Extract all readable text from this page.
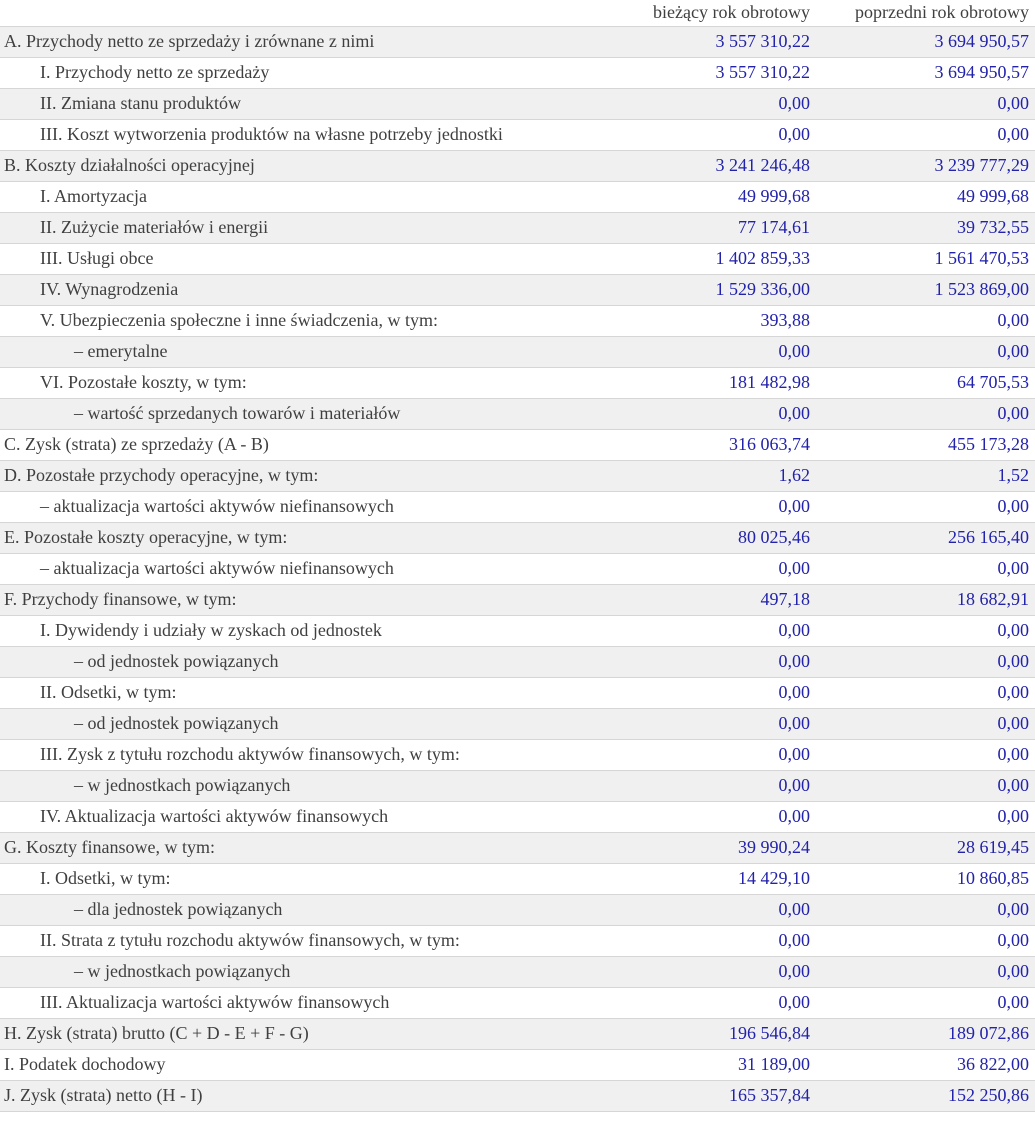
	bieżący rok obrotowy	poprzedni rok obrotowy
A. Przychody netto ze sprzedaży i zrównane z nimi	3 557 310,22	3 694 950,57
I. Przychody netto ze sprzedaży	3 557 310,22	3 694 950,57
II. Zmiana stanu produktów	0,00	0,00
III. Koszt wytworzenia produktów na własne potrzeby jednostki	0,00	0,00
B. Koszty działalności operacyjnej	3 241 246,48	3 239 777,29
I. Amortyzacja	49 999,68	49 999,68
II. Zużycie materiałów i energii	77 174,61	39 732,55
III. Usługi obce	1 402 859,33	1 561 470,53
IV. Wynagrodzenia	1 529 336,00	1 523 869,00
V. Ubezpieczenia społeczne i inne świadczenia, w tym:	393,88	0,00
– emerytalne	0,00	0,00
VI. Pozostałe koszty, w tym:	181 482,98	64 705,53
– wartość sprzedanych towarów i materiałów	0,00	0,00
C. Zysk (strata) ze sprzedaży (A - B)	316 063,74	455 173,28
D. Pozostałe przychody operacyjne, w tym:	1,62	1,52
– aktualizacja wartości aktywów niefinansowych	0,00	0,00
E. Pozostałe koszty operacyjne, w tym:	80 025,46	256 165,40
– aktualizacja wartości aktywów niefinansowych	0,00	0,00
F. Przychody finansowe, w tym:	497,18	18 682,91
I. Dywidendy i udziały w zyskach od jednostek	0,00	0,00
– od jednostek powiązanych	0,00	0,00
II. Odsetki, w tym:	0,00	0,00
– od jednostek powiązanych	0,00	0,00
III. Zysk z tytułu rozchodu aktywów finansowych, w tym:	0,00	0,00
– w jednostkach powiązanych	0,00	0,00
IV. Aktualizacja wartości aktywów finansowych	0,00	0,00
G. Koszty finansowe, w tym:	39 990,24	28 619,45
I. Odsetki, w tym:	14 429,10	10 860,85
– dla jednostek powiązanych	0,00	0,00
II. Strata z tytułu rozchodu aktywów finansowych, w tym:	0,00	0,00
– w jednostkach powiązanych	0,00	0,00
III. Aktualizacja wartości aktywów finansowych	0,00	0,00
H. Zysk (strata) brutto (C + D - E + F - G)	196 546,84	189 072,86
I. Podatek dochodowy	31 189,00	36 822,00
J. Zysk (strata) netto (H - I)	165 357,84	152 250,86
